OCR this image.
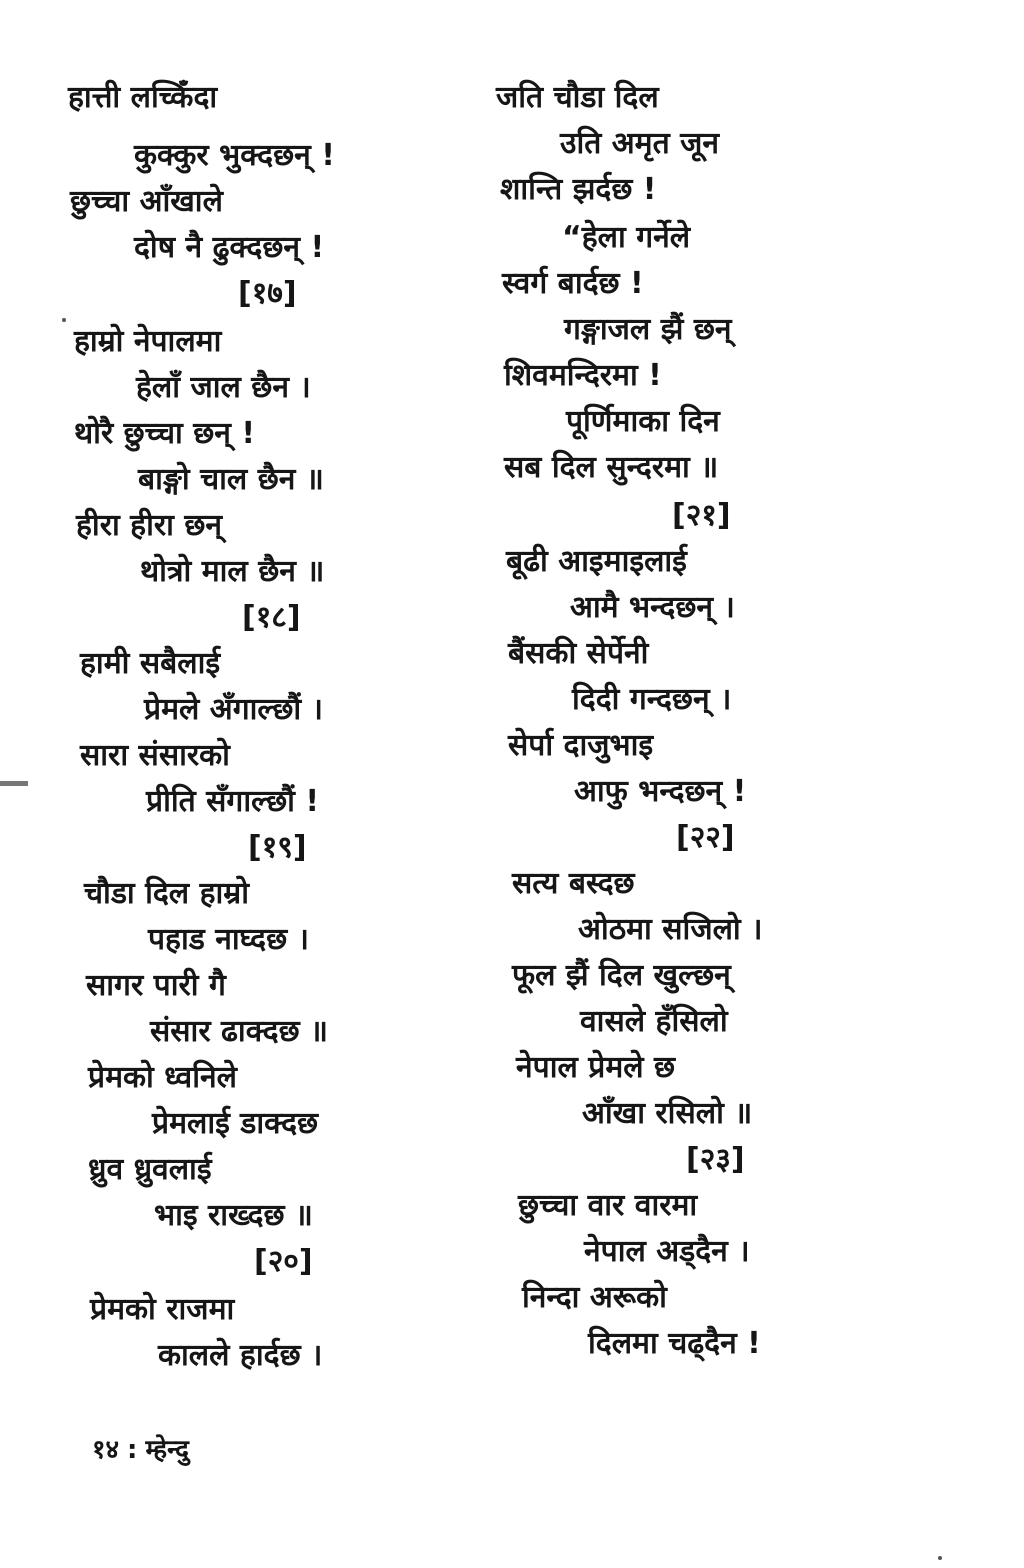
हात्ती लच्किँदा
कुक्कुर भुक्दछन् !
छुच्चा आँखाले
दोष नै ढुक्दछन् !
[१७]
हाम्रो नेपालमा
हेलाँ जाल छैन ।
थोरै छुच्चा छन् !
बाङ्गो चाल छैन ॥
हीरा हीरा छन्
थोत्रो माल छैन ॥
[१८]
हामी सबैलाई
प्रेमले अँगाल्छौं ।
सारा संसारको
प्रीति सँगाल्छौं !
[१९]
चौडा दिल हाम्रो
पहाड नाघ्दछ ।
सागर पारी गै
संसार ढाक्दछ ॥
प्रेमको ध्वनिले
प्रेमलाई डाक्दछ
ध्रुव ध्रुवलाई
भाइ राख्दछ ॥
[२०]
प्रेमको राजमा
कालले हार्दछ ।
जति चौडा दिल
उति अमृत जून
शान्ति झर्दछ !
“हेला गर्नेले
स्वर्ग बार्दछ !
गङ्गाजल झैं छन्
शिवमन्दिरमा !
पूर्णिमाका दिन
सब दिल सुन्दरमा ॥
[२१]
बूढी आइमाइलाई
आमै भन्दछन् ।
बैंसकी सेर्पेनी
दिदी गन्दछन् ।
सेर्पा दाजुभाइ
आफु भन्दछन् !
[२२]
सत्य बस्दछ
ओठमा सजिलो ।
फूल झैं दिल खुल्छन्
वासले हँसिलो
नेपाल प्रेमले छ
आँखा रसिलो ॥
[२३]
छुच्चा वार वारमा
नेपाल अड्दैन ।
निन्दा अरूको
दिलमा चढ्दैन !
१४ : म्हेन्दु
